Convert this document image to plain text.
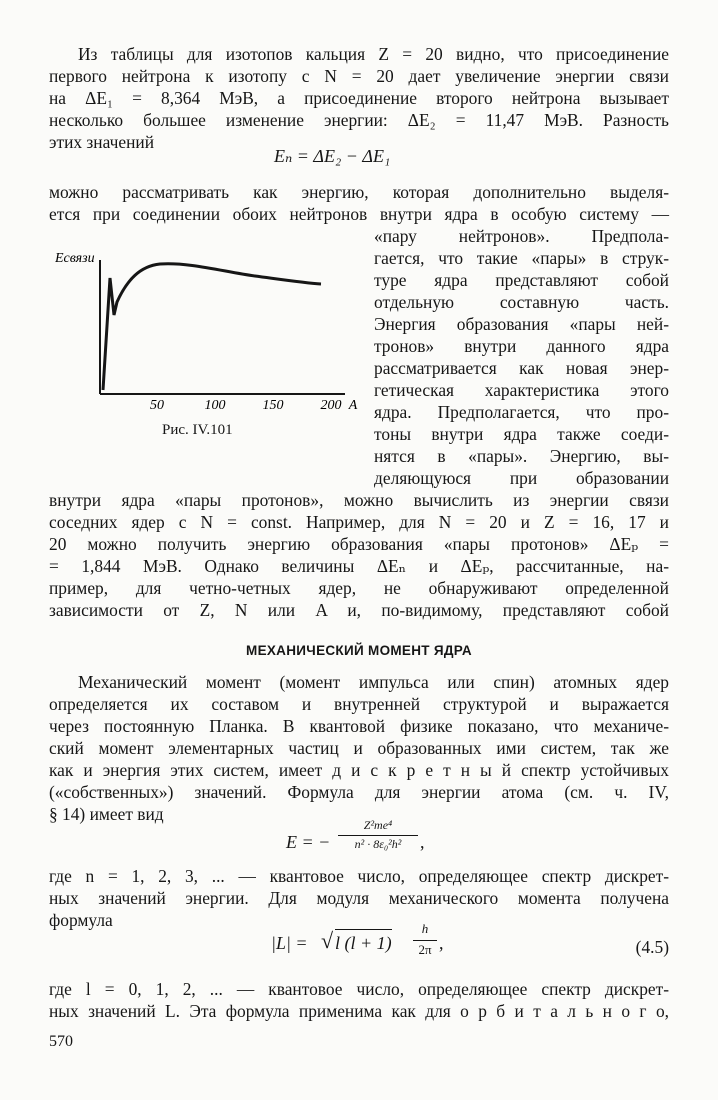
Из таблицы для изотопов кальция Z = 20 видно, что присоединение
первого нейтрона к изотопу с N = 20 дает увеличение энергии связи
на ΔE₁ = 8,364 МэВ, а присоединение второго нейтрона вызывает
несколько большее изменение энергии: ΔE₂ = 11,47 МэВ. Разность
этих значений
Eₙ = ΔE₂ − ΔE₁
можно рассматривать как энергию, которая дополнительно выделя-
ется при соединении обоих нейтронов внутри ядра в особую систему —
«пару нейтронов». Предпола-
гается, что такие «пары» в струк-
туре ядра представляют собой
отдельную составную часть.
Энергия образования «пары ней-
тронов» внутри данного ядра
рассматривается как новая энер-
гетическая характеристика этого
ядра. Предполагается, что про-
тоны внутри ядра также соеди-
нятся в «пары». Энергию, вы-
деляющуюся при образовании
Eсвязи
50	100	150	200 A
Рис. IV.101
внутри ядра «пары протонов», можно вычислить из энергии связи
соседних ядер с N = const. Например, для N = 20 и Z = 16, 17 и
20 можно получить энергию образования «пары протонов» ΔEₚ =
= 1,844 МэВ. Однако величины ΔEₙ и ΔEₚ, рассчитанные, на-
пример, для четно-четных ядер, не обнаруживают определенной
зависимости от Z, N или A и, по-видимому, представляют собой
МЕХАНИЧЕСКИЙ МОМЕНТ ЯДРА
Механический момент (момент импульса или спин) атомных ядер
определяется их составом и внутренней структурой и выражается
через постоянную Планка. В квантовой физике показано, что механиче-
ский момент элементарных частиц и образованных ими систем, так же
как и энергия этих систем, имеет д и с к р е т н ы й спектр устойчивых
(«собственных») значений. Формула для энергии атома (см. ч. IV,
§ 14) имеет вид
E = −
Z²me⁴
n² · 8ε₀²h²	,
где n = 1, 2, 3, ... — квантовое число, определяющее спектр дискрет-
ных значений энергии. Для модуля механического момента получена
формула
|L| = √ l (l + 1)
h
2π ,	(4.5)
где l = 0, 1, 2, ... — квантовое число, определяющее спектр дискрет-
ных значений L. Эта формула применима как для о р б и т а л ь н о г о,
570
